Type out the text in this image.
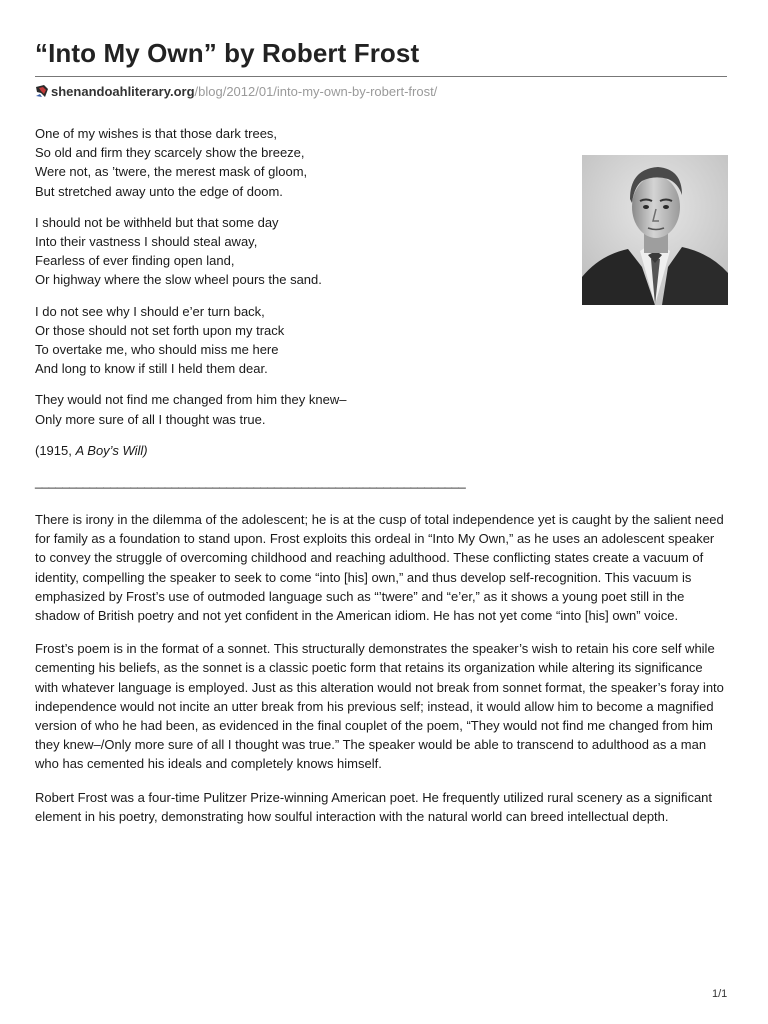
“Into My Own” by Robert Frost
shenandoahliterary.org/blog/2012/01/into-my-own-by-robert-frost/
One of my wishes is that those dark trees,
So old and firm they scarcely show the breeze,
Were not, as ’twere, the merest mask of gloom,
But stretched away unto the edge of doom.
I should not be withheld but that some day
Into their vastness I should steal away,
Fearless of ever finding open land,
Or highway where the slow wheel pours the sand.
I do not see why I should e’er turn back,
Or those should not set forth upon my track
To overtake me, who should miss me here
And long to know if still I held them dear.
They would not find me changed from him they knew–
Only more sure of all I thought was true.

(1915, A Boy’s Will)

_______________________________________________________________

There is irony in the dilemma of the adolescent; he is at the cusp of total independence yet is caught by the salient need for family as a foundation to stand upon. Frost exploits this ordeal in “Into My Own,” as he uses an adolescent speaker to convey the struggle of overcoming childhood and reaching adulthood. These conflicting states create a vacuum of identity, compelling the speaker to seek to come “into [his] own,” and thus develop self-recognition. This vacuum is emphasized by Frost’s use of outmoded language such as “’twere” and “e’er,” as it shows a young poet still in the shadow of British poetry and not yet confident in the American idiom. He has not yet come “into [his] own” voice.

Frost’s poem is in the format of a sonnet. This structurally demonstrates the speaker’s wish to retain his core self while cementing his beliefs, as the sonnet is a classic poetic form that retains its organization while altering its significance with whatever language is employed. Just as this alteration would not break from sonnet format, the speaker’s foray into independence would not incite an utter break from his previous self; instead, it would allow him to become a magnified version of who he had been, as evidenced in the final couplet of the poem, “They would not find me changed from him they knew–/Only more sure of all I thought was true.” The speaker would be able to transcend to adulthood as a man who has cemented his ideals and completely knows himself.

Robert Frost was a four-time Pulitzer Prize-winning American poet. He frequently utilized rural scenery as a significant element in his poetry, demonstrating how soulful interaction with the natural world can breed intellectual depth.

1/1
